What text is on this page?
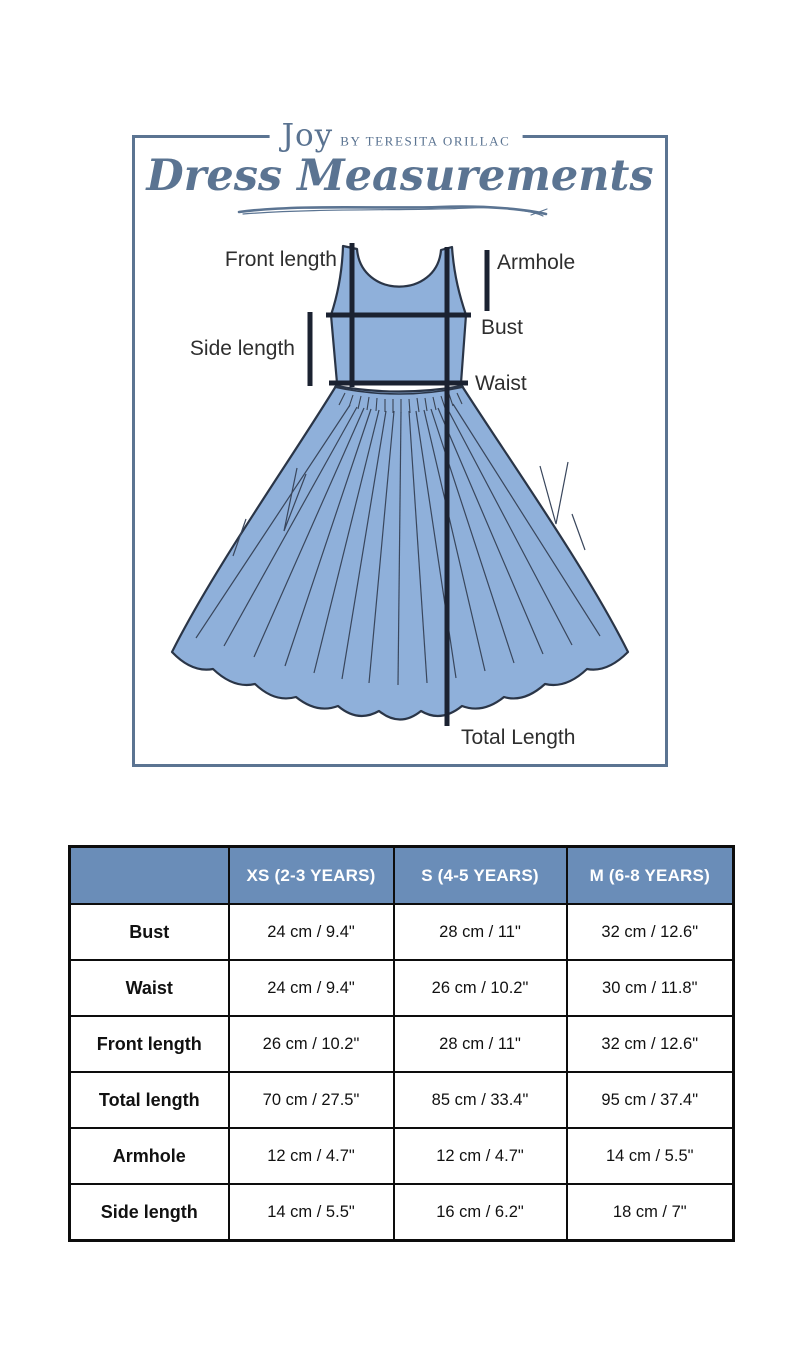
Joy BY TERESITA ORILLAC
Dress Measurements
Front length	Armhole
Bust
Side length
Waist
Total Length
	XS (2-3 YEARS)	S (4-5 YEARS)	M (6-8 YEARS)
Bust	24 cm / 9.4"	28 cm / 11"	32 cm / 12.6"
Waist	24 cm / 9.4"	26 cm / 10.2"	30 cm / 11.8"
Front length	26 cm / 10.2"	28 cm / 11"	32 cm / 12.6"
Total length	70 cm / 27.5"	85 cm / 33.4"	95 cm / 37.4"
Armhole	12 cm / 4.7"	12 cm / 4.7"	14 cm / 5.5"
Side length	14 cm / 5.5"	16 cm / 6.2"	18 cm / 7"
